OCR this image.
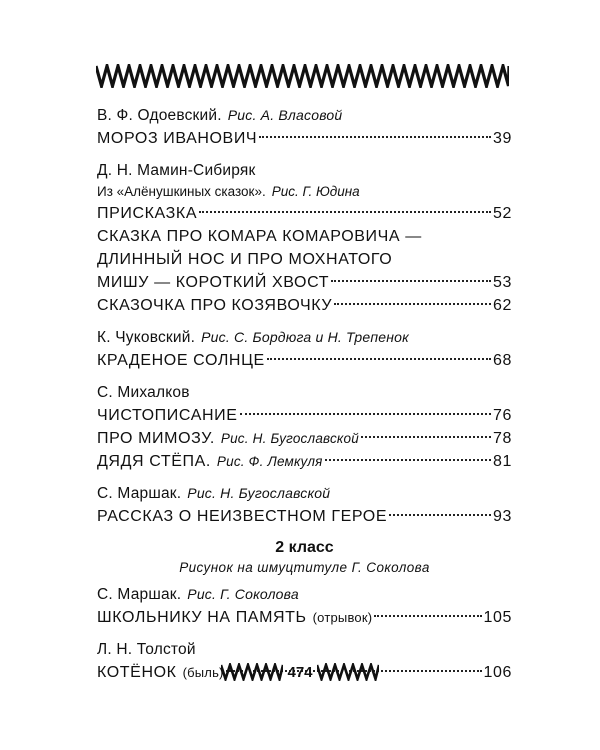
В. Ф. Одоевский. Рис. А. Власовой
МОРОЗ ИВАНОВИЧ	39
Д. Н. Мамин-Сибиряк
Из «Алёнушкиных сказок». Рис. Г. Юдина
ПРИСКАЗКА	52
СКАЗКА ПРО КОМАРА КОМАРОВИЧА —
ДЛИННЫЙ НОС И ПРО МОХНАТОГО
МИШУ — КОРОТКИЙ ХВОСТ	53
СКАЗОЧКА ПРО КОЗЯВОЧКУ	62
К. Чуковский. Рис. С. Бордюга и Н. Трепенок
КРАДЕНОЕ СОЛНЦЕ	68
С. Михалков
ЧИСТОПИСАНИЕ	76
ПРО МИМОЗУ. Рис. Н. Бугославской	78
ДЯДЯ СТЁПА. Рис. Ф. Лемкуля	81
С. Маршак. Рис. Н. Бугославской
РАССКАЗ О НЕИЗВЕСТНОМ ГЕРОЕ	93
2 класс
Рисунок на шмуцтитуле Г. Соколова
С. Маршак. Рис. Г. Соколова
ШКОЛЬНИКУ НА ПАМЯТЬ (отрывок)	105
Л. Н. Толстой
КОТЁНОК (быль)	106
474
